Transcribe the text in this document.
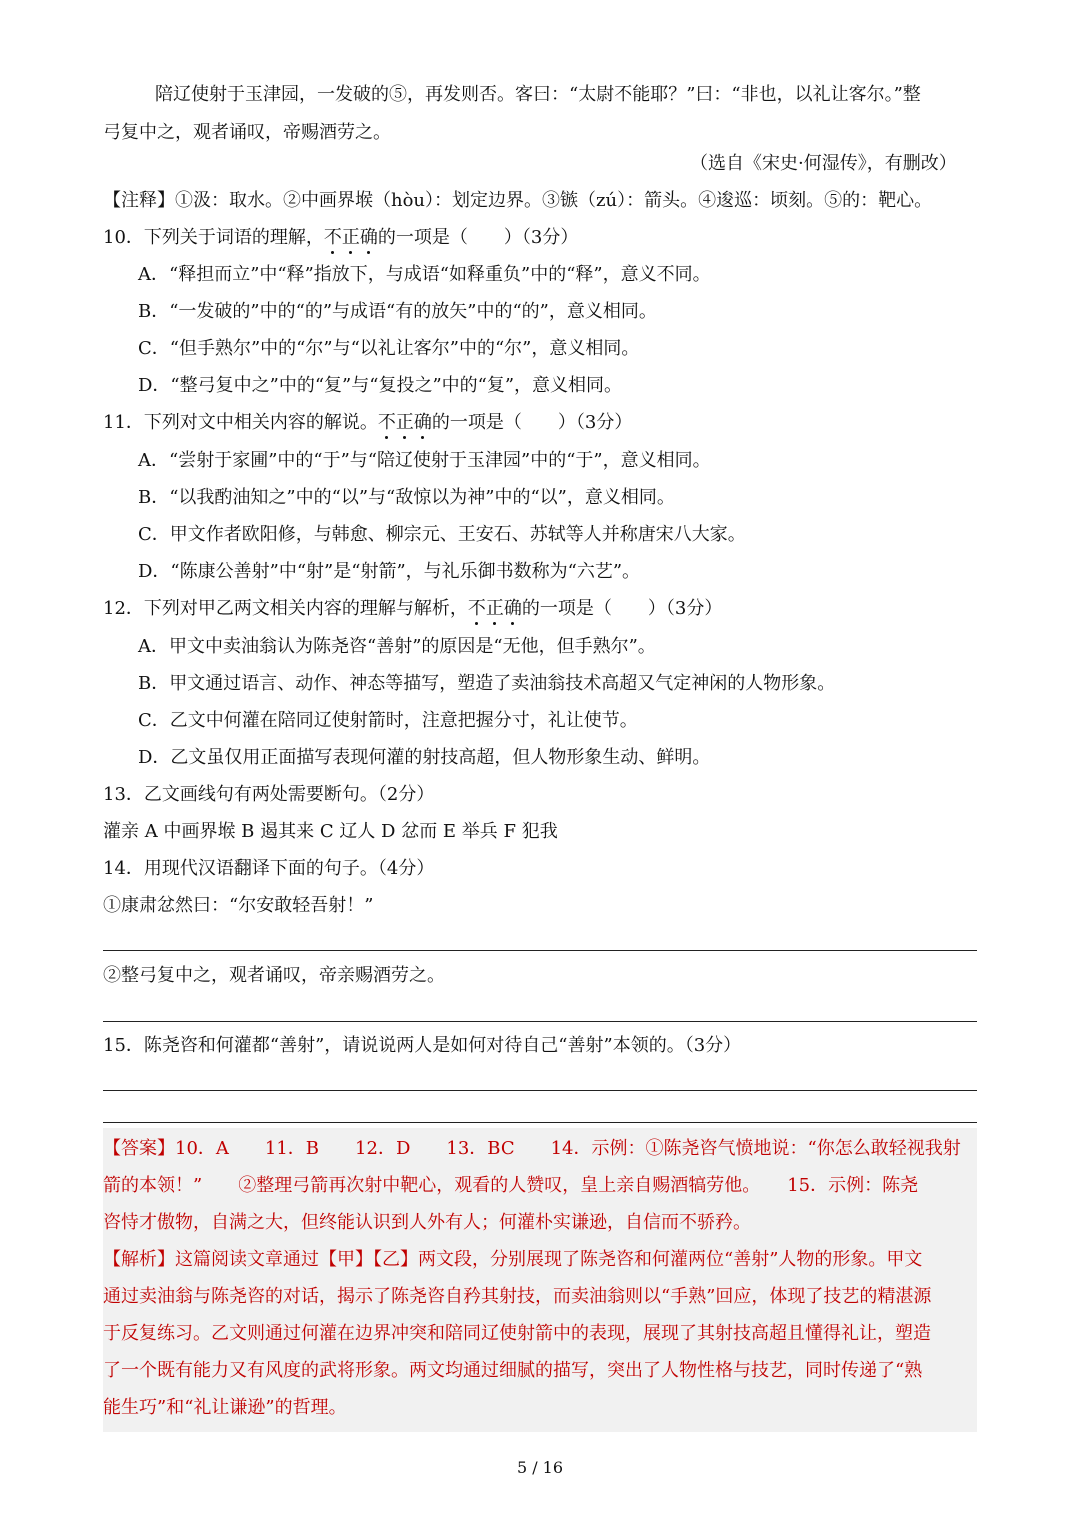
陪辽使射于玉津园，一发破的⑤，再发则否。客曰：“太尉不能耶？”曰：“非也，以礼让客尔。”整
弓复中之，观者诵叹，帝赐酒劳之。
（选自《宋史·何湿传》，有删改）
【注释】①汲：取水。②中画界堠（hòu）：划定边界。③镞（zú）：箭头。④逡巡：顷刻。⑤的：靶心。
10．下列关于词语的理解，不正确的一项是（　　）（3分）
A．“释担而立”中“释”指放下，与成语“如释重负”中的“释”，意义不同。
B．“一发破的”中的“的”与成语“有的放矢”中的“的”，意义相同。
C．“但手熟尔”中的“尔”与“以礼让客尔”中的“尔”，意义相同。
D．“整弓复中之”中的“复”与“复投之”中的“复”，意义相同。
11．下列对文中相关内容的解说。不正确的一项是（　　）（3分）
A．“尝射于家圃”中的“于”与“陪辽使射于玉津园”中的“于”，意义相同。
B．“以我酌油知之”中的“以”与“敌惊以为神”中的“以”，意义相同。
C．甲文作者欧阳修，与韩愈、柳宗元、王安石、苏轼等人并称唐宋八大家。
D．“陈康公善射”中“射”是“射箭”，与礼乐御书数称为“六艺”。
12．下列对甲乙两文相关内容的理解与解析，不正确的一项是（　　）（3分）
A．甲文中卖油翁认为陈尧咨“善射”的原因是“无他，但手熟尔”。
B．甲文通过语言、动作、神态等描写，塑造了卖油翁技术高超又气定神闲的人物形象。
C．乙文中何灌在陪同辽使射箭时，注意把握分寸，礼让使节。
D．乙文虽仅用正面描写表现何灌的射技高超，但人物形象生动、鲜明。
13．乙文画线句有两处需要断句。（2分）
灌亲 A 中画界堠 B 遏其来 C 辽人 D 忿而 E 举兵 F 犯我
14．用现代汉语翻译下面的句子。（4分）
①康肃忿然曰：“尔安敢轻吾射！”
②整弓复中之，观者诵叹，帝亲赐酒劳之。
15．陈尧咨和何灌都“善射”，请说说两人是如何对待自己“善射”本领的。（3分）
【答案】10．A　　11．B　　12．D　　13．BC　　14．示例：①陈尧咨气愤地说：“你怎么敢轻视我射
箭的本领！”　　②整理弓箭再次射中靶心，观看的人赞叹，皇上亲自赐酒犒劳他。　　15．示例：陈尧
咨恃才傲物，自满之大，但终能认识到人外有人；何灌朴实谦逊，自信而不骄矜。
【解析】这篇阅读文章通过【甲】【乙】两文段，分别展现了陈尧咨和何灌两位“善射”人物的形象。甲文
通过卖油翁与陈尧咨的对话，揭示了陈尧咨自矜其射技，而卖油翁则以“手熟”回应，体现了技艺的精湛源
于反复练习。乙文则通过何灌在边界冲突和陪同辽使射箭中的表现，展现了其射技高超且懂得礼让，塑造
了一个既有能力又有风度的武将形象。两文均通过细腻的描写，突出了人物性格与技艺，同时传递了“熟
能生巧”和“礼让谦逊”的哲理。
5 / 16
